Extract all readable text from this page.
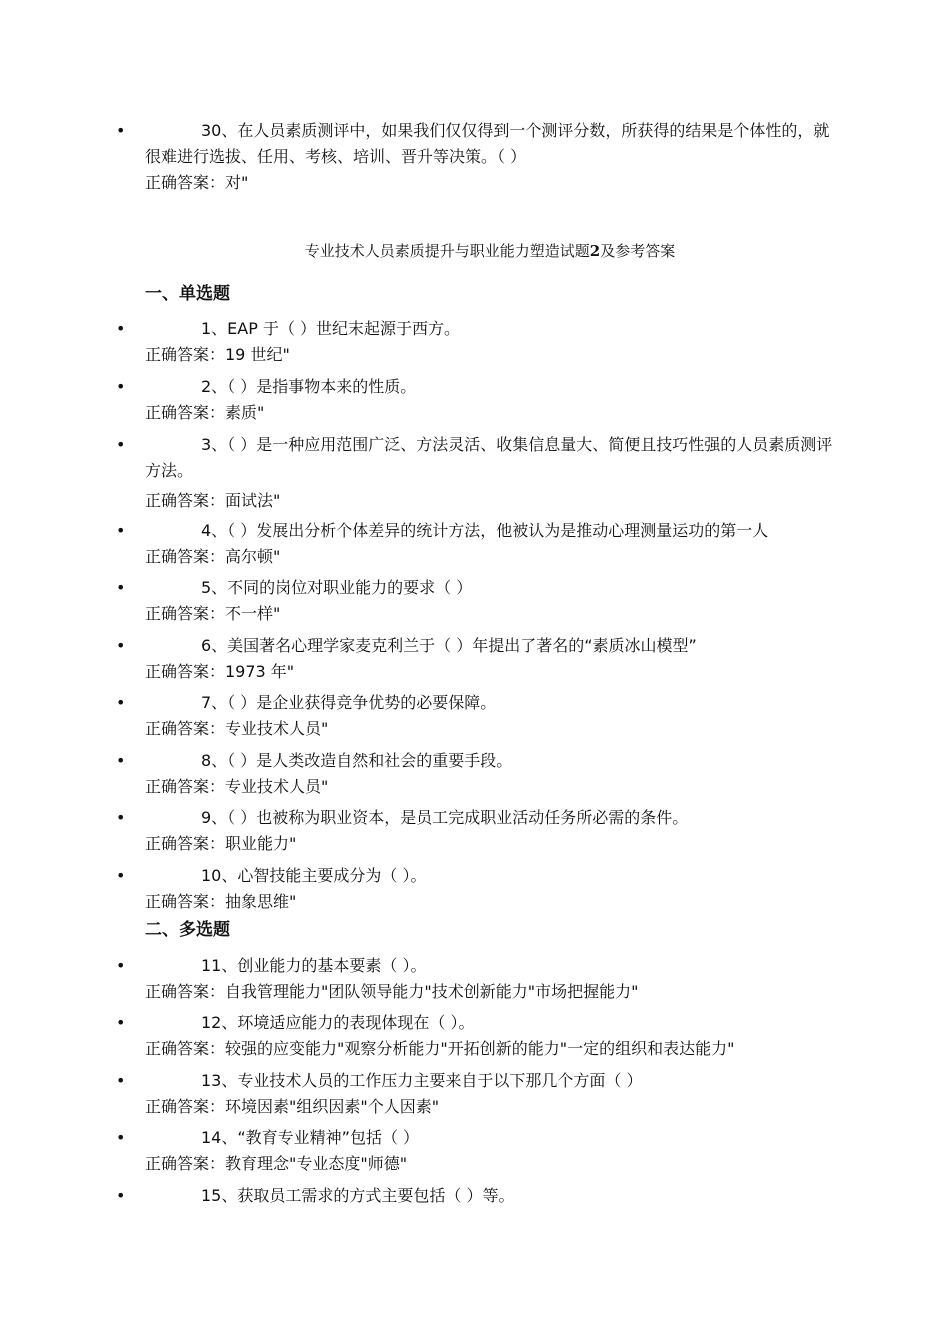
•	30、在人员素质测评中，如果我们仅仅得到一个测评分数，所获得的结果是个体性的，就很难进行选拔、任用、考核、培训、晋升等决策。（ ）
正确答案：对"
专业技术人员素质提升与职业能力塑造试题2及参考答案
一、单选题
•	1、EAP 于（ ）世纪末起源于西方。
正确答案：19 世纪"
•	2、（ ）是指事物本来的性质。
正确答案：素质"
•	3、（ ）是一种应用范围广泛、方法灵活、收集信息量大、简便且技巧性强的人员素质测评方法。
正确答案：面试法"
•	4、（ ）发展出分析个体差异的统计方法，他被认为是推动心理测量运功的第一人
正确答案：高尔顿"
•	5、不同的岗位对职业能力的要求（ ）
正确答案：不一样"
•	6、美国著名心理学家麦克利兰于（ ）年提出了著名的“素质冰山模型”
正确答案：1973 年"
•	7、（ ）是企业获得竞争优势的必要保障。
正确答案：专业技术人员"
•	8、（ ）是人类改造自然和社会的重要手段。
正确答案：专业技术人员"
•	9、（ ）也被称为职业资本，是员工完成职业活动任务所必需的条件。
正确答案：职业能力"
•	10、心智技能主要成分为（ ）。
正确答案：抽象思维"
二、多选题
•	11、创业能力的基本要素（ ）。
正确答案：自我管理能力"团队领导能力"技术创新能力"市场把握能力"
•	12、环境适应能力的表现体现在（ ）。
正确答案：较强的应变能力"观察分析能力"开拓创新的能力"一定的组织和表达能力"
•	13、专业技术人员的工作压力主要来自于以下那几个方面（ ）
正确答案：环境因素"组织因素"个人因素"
•	14、“教育专业精神”包括（ ）
正确答案：教育理念"专业态度"师德"
•	15、获取员工需求的方式主要包括（ ）等。
